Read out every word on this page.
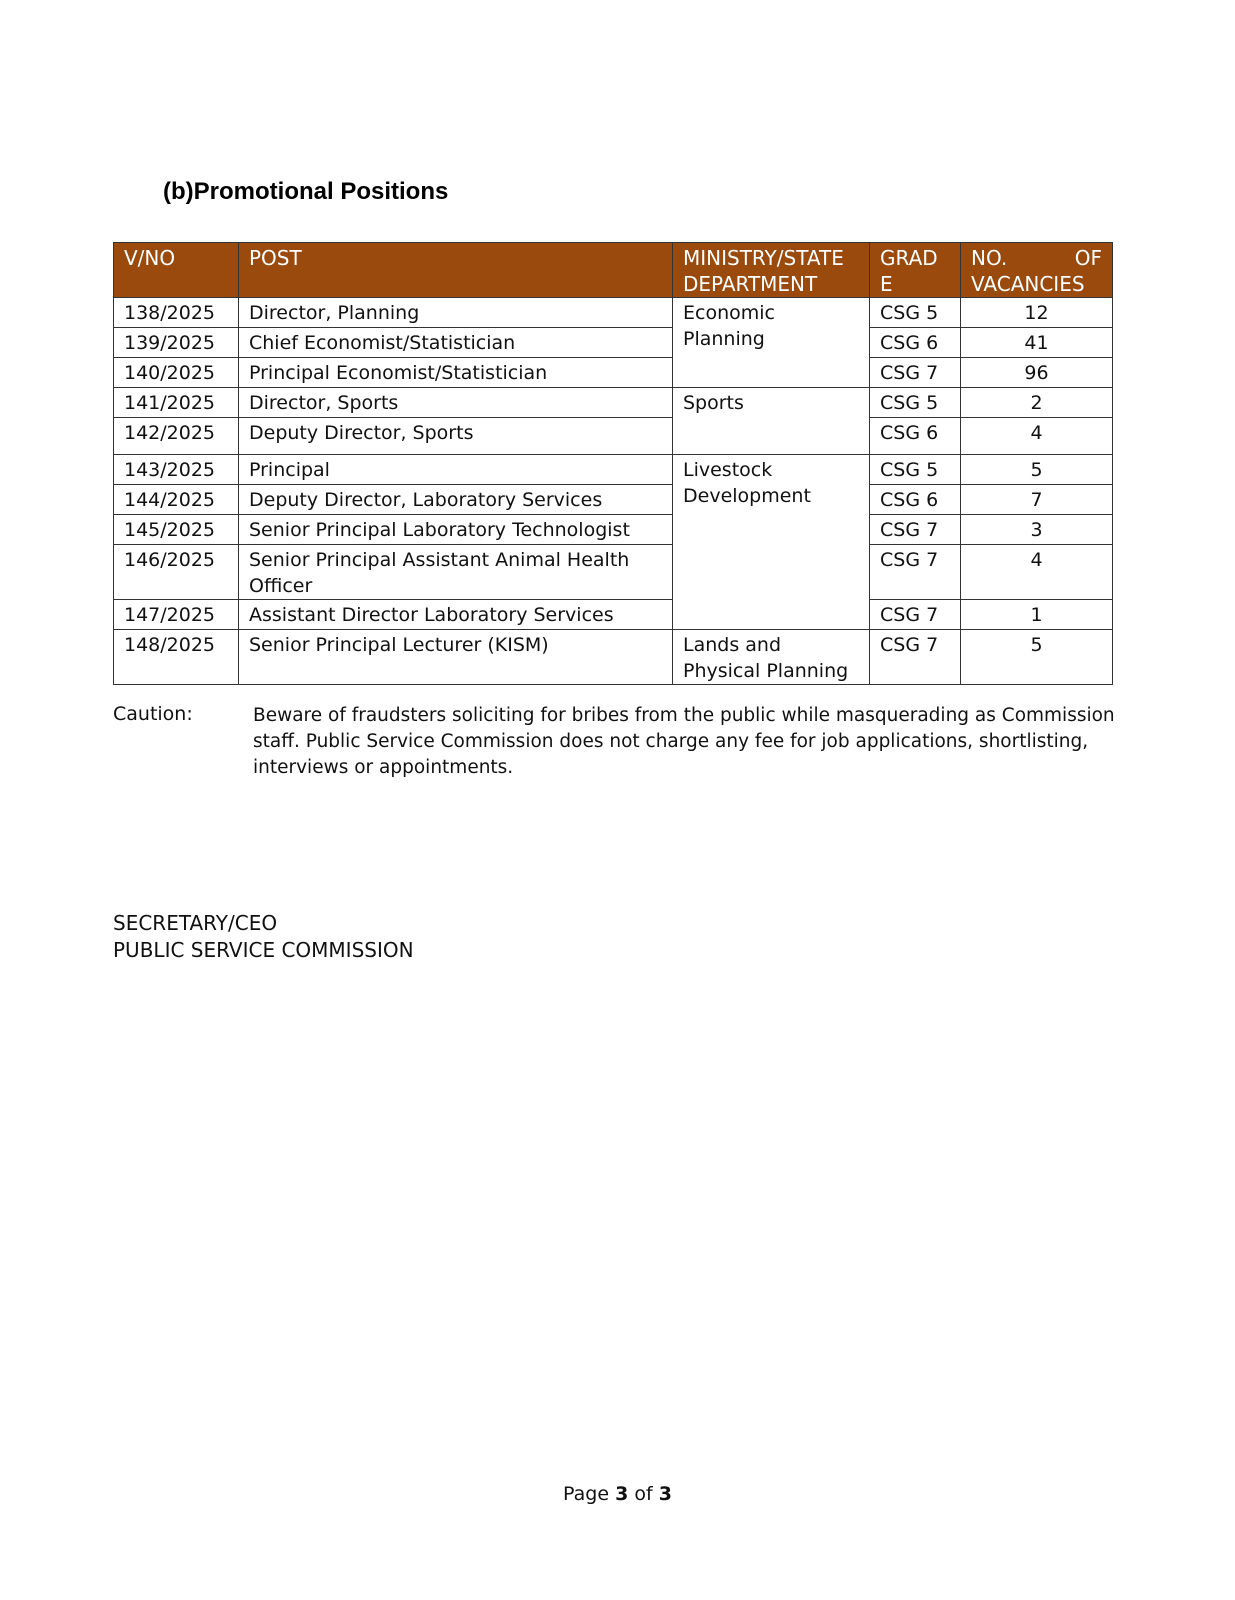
(b)Promotional Positions
V/NO	POST	MINISTRY/STATE DEPARTMENT	GRADE	NO. OF
VACANCIES

138/2025	Director, Planning	Economic Planning	CSG 5	12
139/2025	Chief Economist/Statistician		CSG 6	41
140/2025	Principal Economist/Statistician		CSG 7	96
141/2025	Director, Sports	Sports	CSG 5	2
142/2025	Deputy Director, Sports		CSG 6	4
143/2025	Principal	Livestock Development	CSG 5	5
144/2025	Deputy Director, Laboratory Services		CSG 6	7
145/2025	Senior Principal Laboratory Technologist		CSG 7	3
146/2025	Senior Principal Assistant Animal Health Officer		CSG 7	4
147/2025	Assistant Director Laboratory Services		CSG 7	1
148/2025	Senior Principal Lecturer (KISM)	Lands and Physical Planning	CSG 7	5
Caution:	Beware of fraudsters soliciting for bribes from the public while masquerading as Commission staff. Public Service Commission does not charge any fee for job applications, shortlisting, interviews or appointments.
SECRETARY/CEO
PUBLIC SERVICE COMMISSION
Page 3 of 3
